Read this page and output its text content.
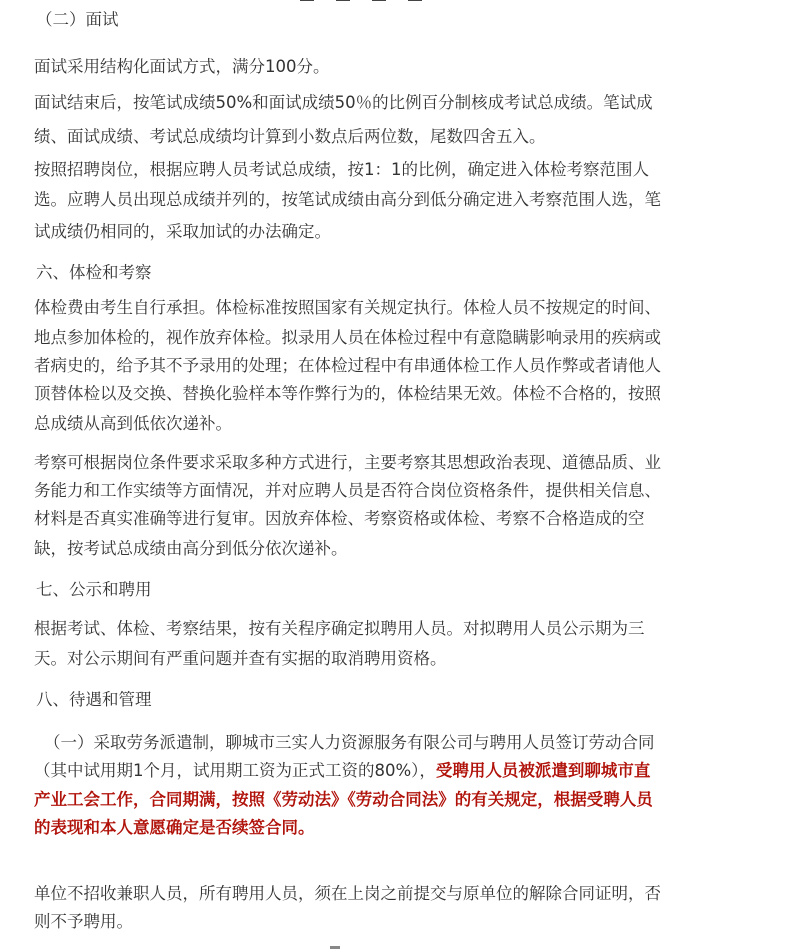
（二）面试

面试采用结构化面试方式，满分100分。

面试结束后，按笔试成绩50%和面试成绩50％的比例百分制核成考试总成绩。笔试成

绩、面试成绩、考试总成绩均计算到小数点后两位数，尾数四舍五入。

按照招聘岗位，根据应聘人员考试总成绩，按1：1的比例，确定进入体检考察范围人

选。应聘人员出现总成绩并列的，按笔试成绩由高分到低分确定进入考察范围人选，笔

试成绩仍相同的，采取加试的办法确定。

六、体检和考察

体检费由考生自行承担。体检标准按照国家有关规定执行。体检人员不按规定的时间、

地点参加体检的，视作放弃体检。拟录用人员在体检过程中有意隐瞒影响录用的疾病或

者病史的，给予其不予录用的处理；在体检过程中有串通体检工作人员作弊或者请他人

顶替体检以及交换、替换化验样本等作弊行为的，体检结果无效。体检不合格的，按照

总成绩从高到低依次递补。

考察可根据岗位条件要求采取多种方式进行，主要考察其思想政治表现、道德品质、业

务能力和工作实绩等方面情况，并对应聘人员是否符合岗位资格条件，提供相关信息、

材料是否真实准确等进行复审。因放弃体检、考察资格或体检、考察不合格造成的空

缺，按考试总成绩由高分到低分依次递补。

七、公示和聘用

根据考试、体检、考察结果，按有关程序确定拟聘用人员。对拟聘用人员公示期为三

天。对公示期间有严重问题并查有实据的取消聘用资格。

八、待遇和管理

（一）采取劳务派遣制，聊城市三实人力资源服务有限公司与聘用人员签订劳动合同

（其中试用期1个月，试用期工资为正式工资的80%），受聘用人员被派遣到聊城市直

产业工会工作，合同期满，按照《劳动法》《劳动合同法》的有关规定，根据受聘人员

的表现和本人意愿确定是否续签合同。

单位不招收兼职人员，所有聘用人员，须在上岗之前提交与原单位的解除合同证明，否

则不予聘用。
